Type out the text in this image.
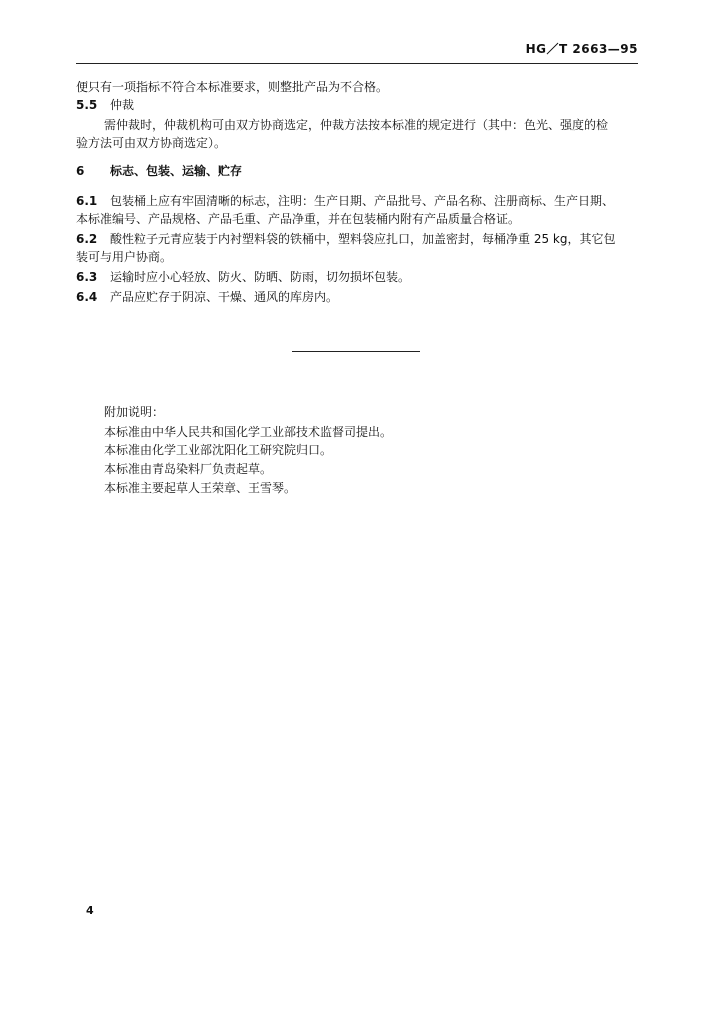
HG／T 2663—95
便只有一项指标不符合本标准要求，则整批产品为不合格。
5.5 仲裁
需仲裁时，仲裁机构可由双方协商选定，仲裁方法按本标准的规定进行（其中：色光、强度的检
验方法可由双方协商选定）。
6 标志、包装、运输、贮存
6.1 包装桶上应有牢固清晰的标志，注明：生产日期、产品批号、产品名称、注册商标、生产日期、
本标准编号、产品规格、产品毛重、产品净重，并在包装桶内附有产品质量合格证。
6.2 酸性粒子元青应装于内衬塑料袋的铁桶中，塑料袋应扎口，加盖密封，每桶净重 25 kg，其它包
装可与用户协商。
6.3 运输时应小心轻放、防火、防晒、防雨，切勿损坏包装。
6.4 产品应贮存于阴凉、干燥、通风的库房内。
附加说明：
本标准由中华人民共和国化学工业部技术监督司提出。
本标准由化学工业部沈阳化工研究院归口。
本标准由青岛染料厂负责起草。
本标准主要起草人王荣章、王雪琴。
4
